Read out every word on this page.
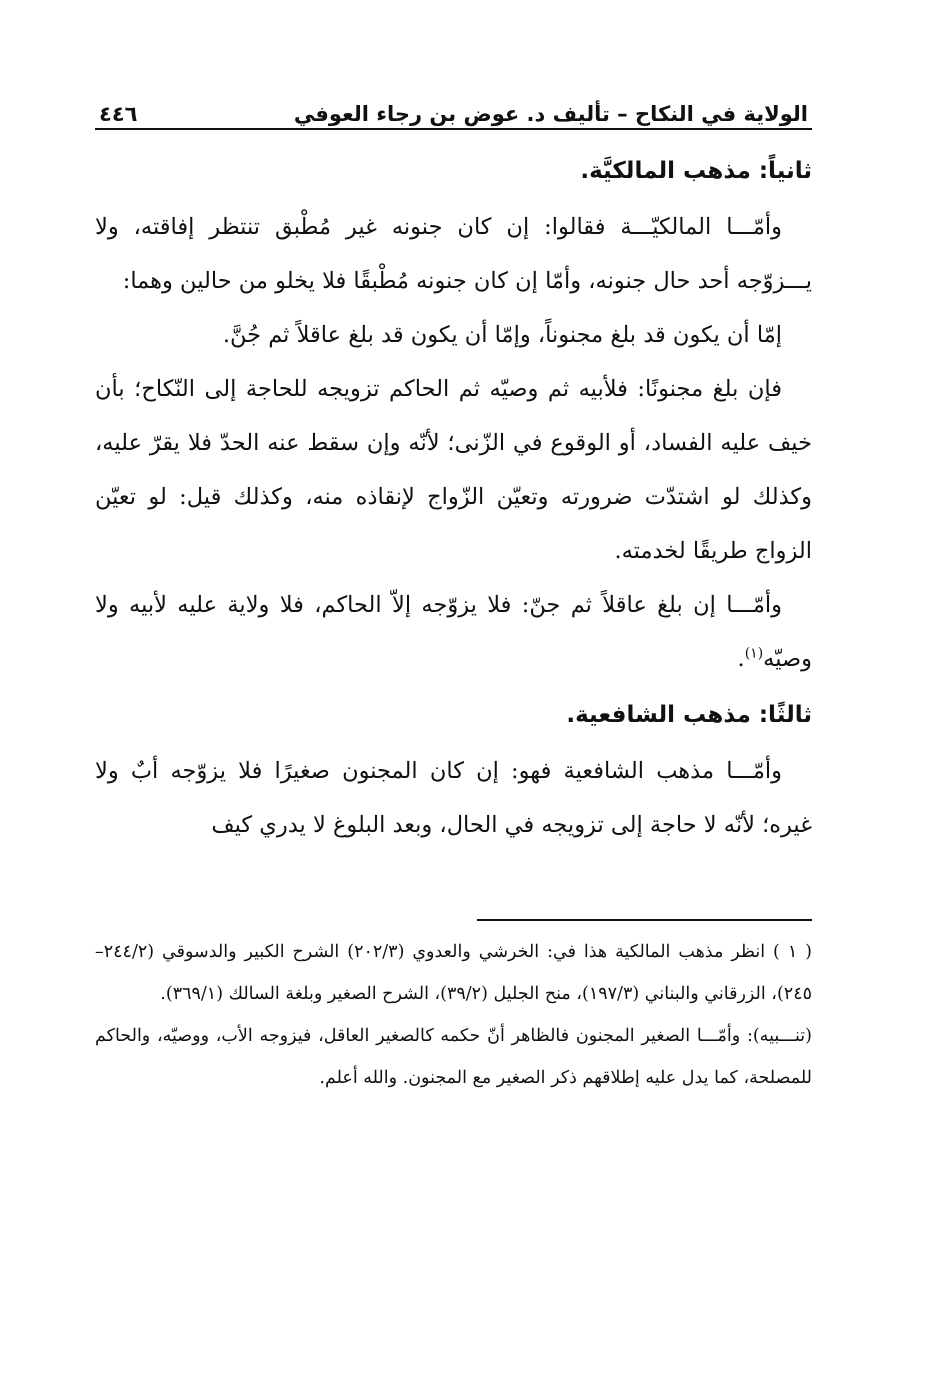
الولاية في النكاح – تأليف د. عوض بن رجاء العوفي
٤٤٦

ثانياً: مذهب المالكيَّة.

وأمّـــا المالكيّـــة فقالوا: إن كان جنونه غير مُطْبق تنتظر إفاقته، ولا يـــزوّجه أحد حال جنونه، وأمّا إن كان جنونه مُطْبقًا فلا يخلو من حالين وهما:

إمّا أن يكون قد بلغ مجنوناً، وإمّا أن يكون قد بلغ عاقلاً ثم جُنَّ.

فإن بلغ مجنونًا: فلأبيه ثم وصيّه ثم الحاكم تزويجه للحاجة إلى النّكاح؛ بأن خيف عليه الفساد، أو الوقوع في الزّنى؛ لأنّه وإن سقط عنه الحدّ فلا يقرّ عليه، وكذلك لو اشتدّت ضرورته وتعيّن الزّواج لإنقاذه منه، وكذلك قيل: لو تعيّن الزواج طريقًا لخدمته.

وأمّـــا إن بلغ عاقلاً ثم جنّ: فلا يزوّجه إلاّ الحاكم، فلا ولاية عليه لأبيه ولا وصيّه$^{(١)}$.

ثالثًا: مذهب الشافعية.

وأمّـــا مذهب الشافعية فهو: إن كان المجنون صغيرًا فلا يزوّجه أبٌ ولا غيره؛ لأنّه لا حاجة إلى تزويجه في الحال، وبعد البلوغ لا يدري كيف

( ١ ) انظر مذهب المالكية هذا في: الخرشي والعدوي (٢٠٢/٣) الشرح الكبير والدسوقي (٢٤٤/٢–٢٤٥)، الزرقاني والبناني (١٩٧/٣)، منح الجليل (٣٩/٢)، الشرح الصغير وبلغة السالك (٣٦٩/١).

(تنـــبيه): وأمّـــا الصغير المجنون فالظاهر أنّ حكمه كالصغير العاقل، فيزوجه الأب، ووصيّه، والحاكم للمصلحة، كما يدل عليه إطلاقهم ذكر الصغير مع المجنون. والله أعلم.
